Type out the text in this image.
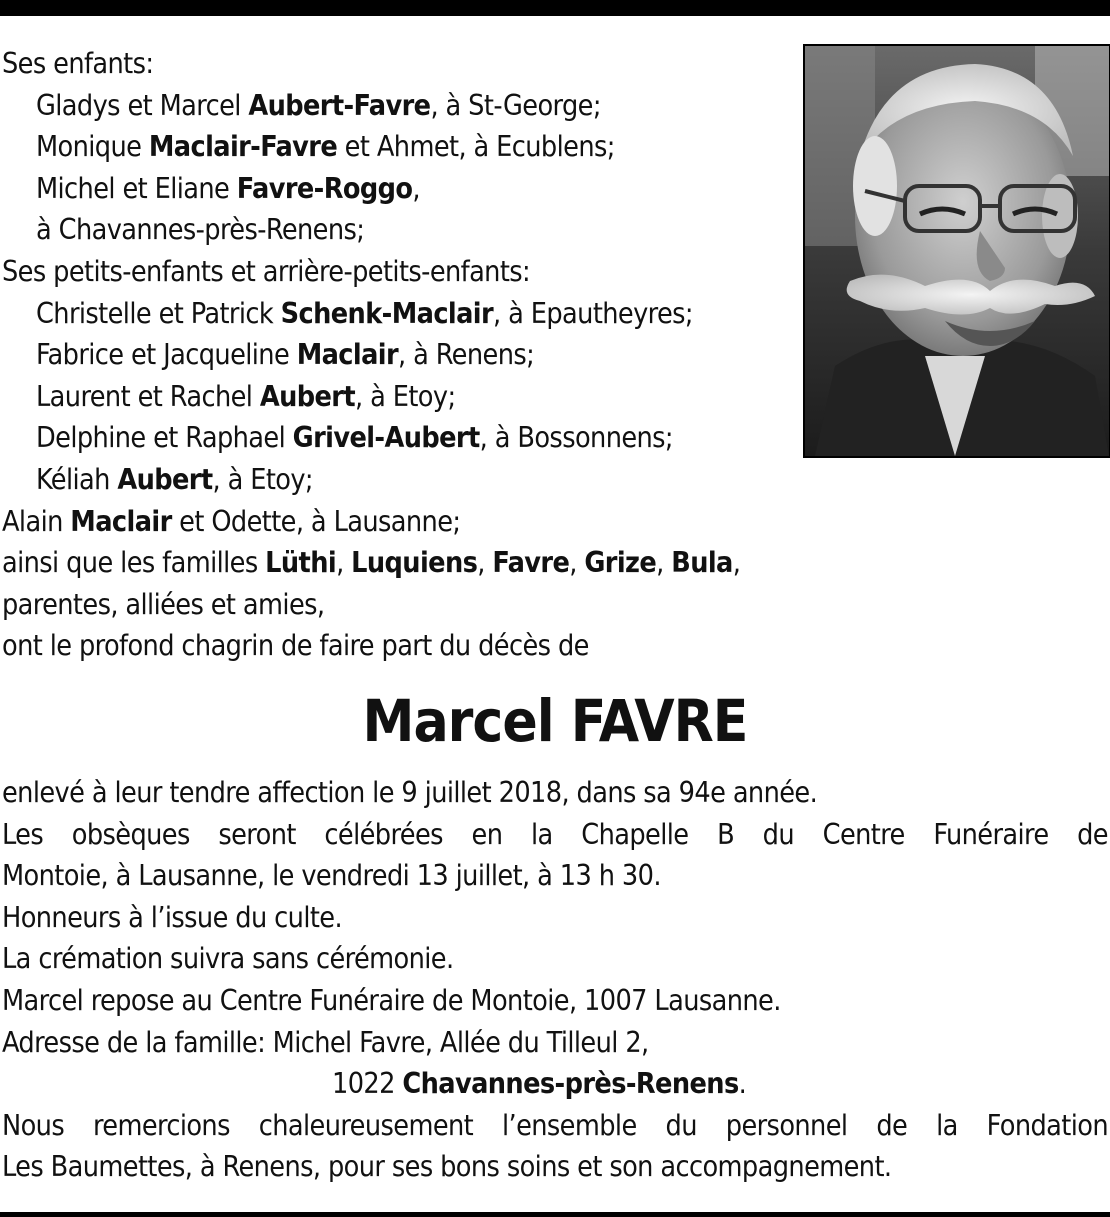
Ses enfants:
Gladys et Marcel Aubert-Favre, à St-George;
Monique Maclair-Favre et Ahmet, à Ecublens;
Michel et Eliane Favre-Roggo,
à Chavannes-près-Renens;
Ses petits-enfants et arrière-petits-enfants:
Christelle et Patrick Schenk-Maclair, à Epautheyres;
Fabrice et Jacqueline Maclair, à Renens;
Laurent et Rachel Aubert, à Etoy;
Delphine et Raphael Grivel-Aubert, à Bossonnens;
Kéliah Aubert, à Etoy;
Alain Maclair et Odette, à Lausanne;
ainsi que les familles Lüthi, Luquiens, Favre, Grize, Bula,
parentes, alliées et amies,
ont le profond chagrin de faire part du décès de
Marcel FAVRE
enlevé à leur tendre affection le 9 juillet 2018, dans sa 94e année.
Les obsèques seront célébrées en la Chapelle B du Centre Funéraire de
Montoie, à Lausanne, le vendredi 13 juillet, à 13 h 30.
Honneurs à l’issue du culte.
La crémation suivra sans cérémonie.
Marcel repose au Centre Funéraire de Montoie, 1007 Lausanne.
Adresse de la famille: Michel Favre, Allée du Tilleul 2,
1022 Chavannes-près-Renens.
Nous remercions chaleureusement l’ensemble du personnel de la Fondation
Les Baumettes, à Renens, pour ses bons soins et son accompagnement.
